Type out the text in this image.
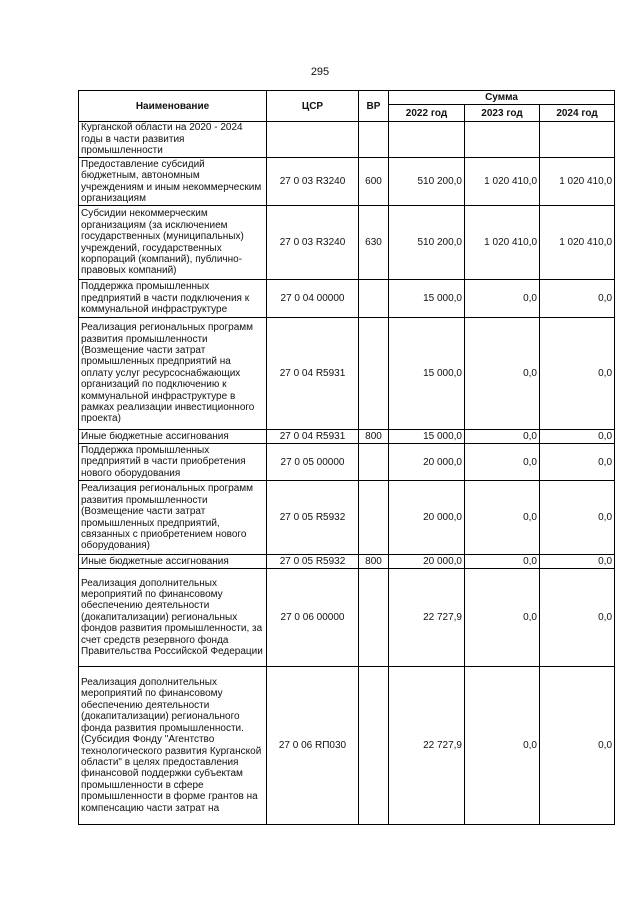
295
Наименование	ЦСР	ВР	Сумма		
			2022 год	2023 год	2024 год
Курганской области на 2020 - 2024 годы в части развития промышленности					
Предоставление субсидий бюджетным, автономным учреждениям и иным некоммерческим организациям	27 0 03 R3240	600	510 200,0	1 020 410,0	1 020 410,0
Субсидии некоммерческим организациям (за исключением государственных (муниципальных) учреждений, государственных корпораций (компаний), публично-правовых компаний)	27 0 03 R3240	630	510 200,0	1 020 410,0	1 020 410,0
Поддержка промышленных предприятий в части подключения к коммунальной инфраструктуре	27 0 04 00000		15 000,0	0,0	0,0
Реализация региональных программ развития промышленности (Возмещение части затрат промышленных предприятий на оплату услуг ресурсоснабжающих организаций по подключению к коммунальной инфраструктуре в рамках реализации инвестиционного проекта)	27 0 04 R5931		15 000,0	0,0	0,0
Иные бюджетные ассигнования	27 0 04 R5931	800	15 000,0	0,0	0,0
Поддержка промышленных предприятий в части приобретения нового оборудования	27 0 05 00000		20 000,0	0,0	0,0
Реализация региональных программ развития промышленности (Возмещение части затрат промышленных предприятий, связанных с приобретением нового оборудования)	27 0 05 R5932		20 000,0	0,0	0,0
Иные бюджетные ассигнования	27 0 05 R5932	800	20 000,0	0,0	0,0
Реализация дополнительных мероприятий по финансовому обеспечению деятельности (докапитализации) региональных фондов развития промышленности, за счет средств резервного фонда Правительства Российской Федерации	27 0 06 00000		22 727,9	0,0	0,0
Реализация дополнительных мероприятий по финансовому обеспечению деятельности (докапитализации) регионального фонда развития промышленности. (Субсидия Фонду "Агентство технологического развития Курганской области" в целях предоставления финансовой поддержки субъектам промышленности в сфере промышленности в форме грантов на компенсацию части затрат на	27 0 06 RП030		22 727,9	0,0	0,0
